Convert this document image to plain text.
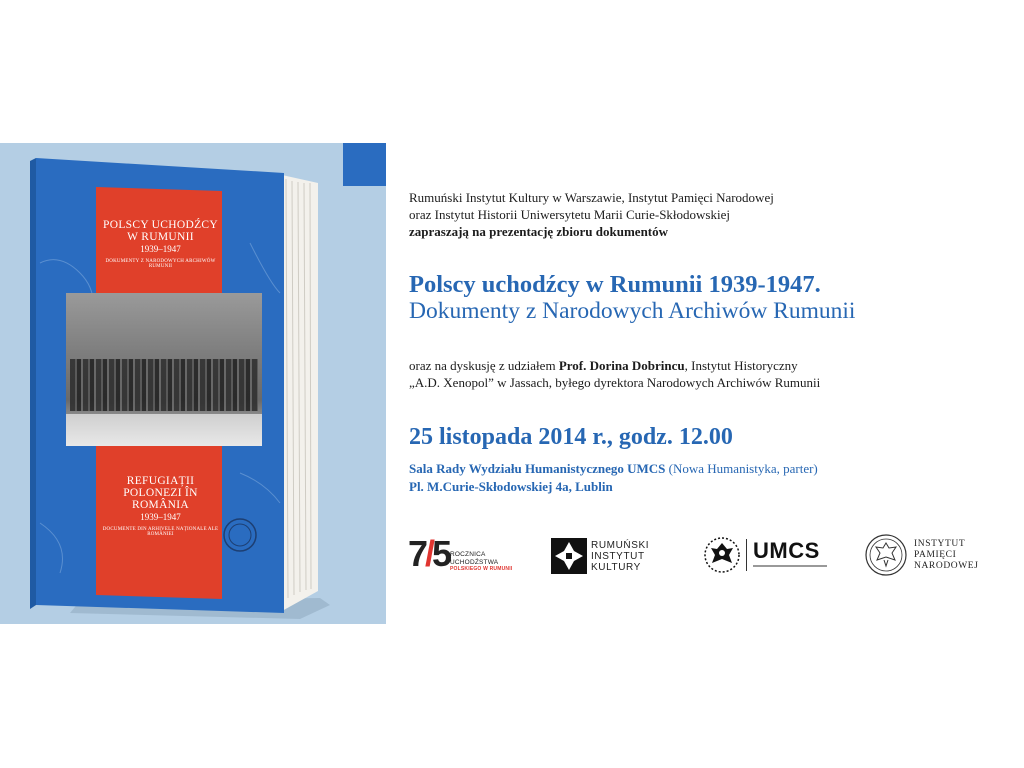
POLSCY UCHODŹCY W RUMUNII
1939–1947
DOKUMENTY Z NARODOWYCH ARCHIWÓW RUMUNII
REFUGIAȚII POLONEZI ÎN ROMÂNIA
1939–1947
DOCUMENTE DIN ARHIVELE NAȚIONALE ALE ROMÂNIEI

Rumuński Instytut Kultury w Warszawie, Instytut Pamięci Narodowej

oraz Instytut Historii Uniwersytetu Marii Curie-Skłodowskiej

zapraszają na prezentację zbioru dokumentów

Polscy uchodźcy w Rumunii 1939-1947.
Dokumenty z Narodowych Archiwów Rumunii

oraz na dyskusję z udziałem Prof. Dorina Dobrincu, Instytut Historyczny

„A.D. Xenopol” w Jassach, byłego dyrektora Narodowych Archiwów Rumunii

25 listopada 2014 r., godz. 12.00

Sala Rady Wydziału Humanistycznego UMCS (Nowa Humanistyka, parter)

Pl. M.Curie-Skłodowskiej 4a, Lublin

7/5 ROCZNICA
UCHODŹSTWA
POLSKIEGO W RUMUNII
RUMUŃSKI
INSTYTUT
KULTURY
UMCS	INSTYTUT
PAMIĘCI
NARODOWEJ
